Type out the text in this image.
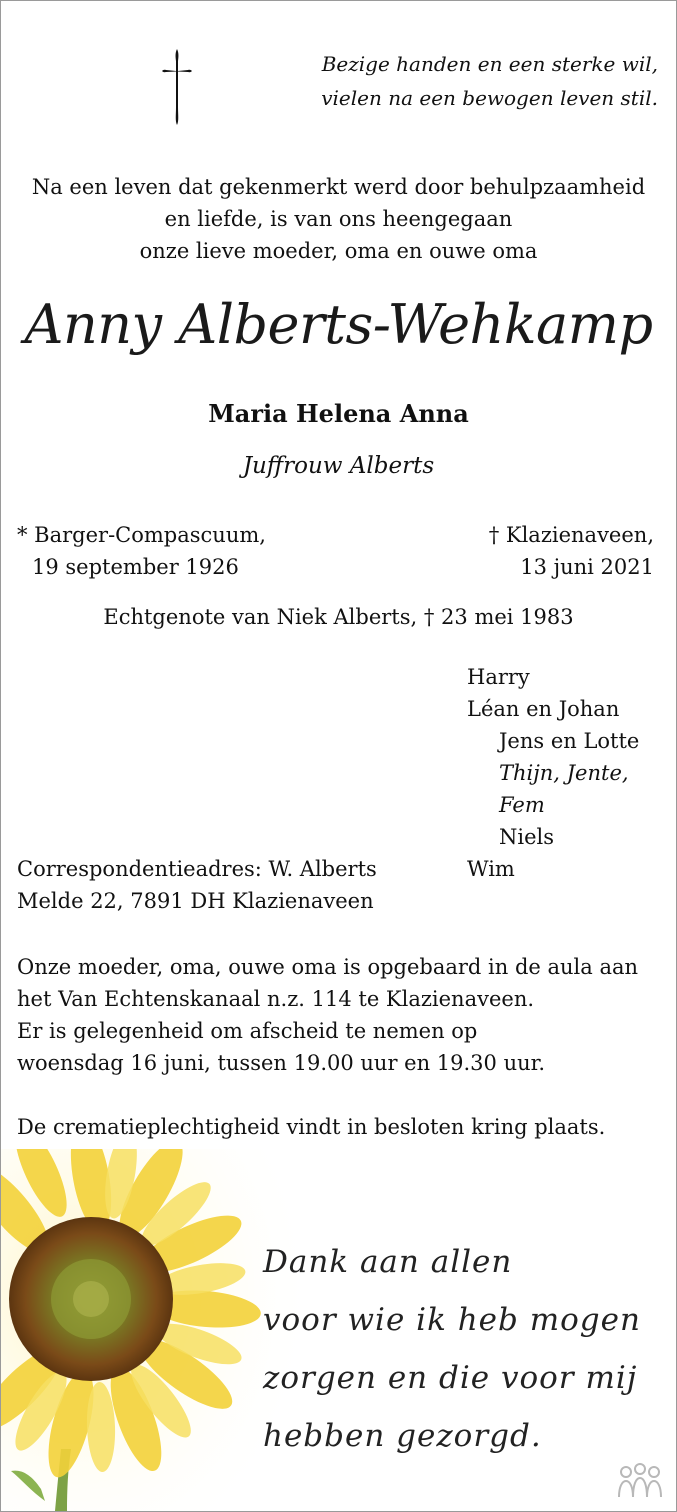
Bezige handen en een sterke wil,
vielen na een bewogen leven stil.
Na een leven dat gekenmerkt werd door behulpzaamheid
en liefde, is van ons heengegaan
onze lieve moeder, oma en ouwe oma
Anny Alberts-Wehkamp
Maria Helena Anna
Juffrouw Alberts
* Barger-Compascuum,
19 september 1926
† Klazienaveen,
13 juni 2021
Echtgenote van Niek Alberts, † 23 mei 1983
Harry
Léan en Johan
Jens en Lotte
Thijn, Jente, Fem
Niels
Wim
Correspondentieadres: W. Alberts
Melde 22, 7891 DH Klazienaveen
Onze moeder, oma, ouwe oma is opgebaard in de aula aan
het Van Echtenskanaal n.z. 114 te Klazienaveen.
Er is gelegenheid om afscheid te nemen op
woensdag 16 juni, tussen 19.00 uur en 19.30 uur.
De crematieplechtigheid vindt in besloten kring plaats.
Dank aan allen
voor wie ik heb mogen
zorgen en die voor mij
hebben gezorgd.
